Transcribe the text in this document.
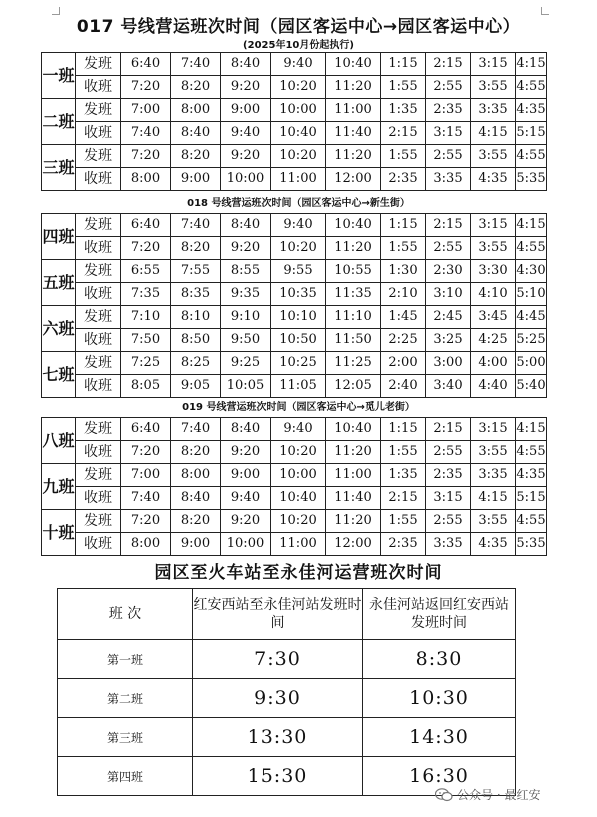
017 号线营运班次时间（园区客运中心→园区客运中心）
(2025年10月份起执行)
一班	发班	6:40	7:40	8:40	9:40	10:40	1:15	2:15	3:15	4:15
	收班	7:20	8:20	9:20	10:20	11:20	1:55	2:55	3:55	4:55
二班	发班	7:00	8:00	9:00	10:00	11:00	1:35	2:35	3:35	4:35
	收班	7:40	8:40	9:40	10:40	11:40	2:15	3:15	4:15	5:15
三班	发班	7:20	8:20	9:20	10:20	11:20	1:55	2:55	3:55	4:55
	收班	8:00	9:00	10:00	11:00	12:00	2:35	3:35	4:35	5:35
018 号线营运班次时间（园区客运中心→新生街）
四班	发班	6:40	7:40	8:40	9:40	10:40	1:15	2:15	3:15	4:15
	收班	7:20	8:20	9:20	10:20	11:20	1:55	2:55	3:55	4:55
五班	发班	6:55	7:55	8:55	9:55	10:55	1:30	2:30	3:30	4:30
	收班	7:35	8:35	9:35	10:35	11:35	2:10	3:10	4:10	5:10
六班	发班	7:10	8:10	9:10	10:10	11:10	1:45	2:45	3:45	4:45
	收班	7:50	8:50	9:50	10:50	11:50	2:25	3:25	4:25	5:25
七班	发班	7:25	8:25	9:25	10:25	11:25	2:00	3:00	4:00	5:00
	收班	8:05	9:05	10:05	11:05	12:05	2:40	3:40	4:40	5:40
019 号线营运班次时间（园区客运中心→觅儿老街）
八班	发班	6:40	7:40	8:40	9:40	10:40	1:15	2:15	3:15	4:15
	收班	7:20	8:20	9:20	10:20	11:20	1:55	2:55	3:55	4:55
九班	发班	7:00	8:00	9:00	10:00	11:00	1:35	2:35	3:35	4:35
	收班	7:40	8:40	9:40	10:40	11:40	2:15	3:15	4:15	5:15
十班	发班	7:20	8:20	9:20	10:20	11:20	1:55	2:55	3:55	4:55
	收班	8:00	9:00	10:00	11:00	12:00	2:35	3:35	4:35	5:35
园区至火车站至永佳河运营班次时间
班 次	红安西站至永佳河站发班时间	永佳河站返回红安西站发班时间
第一班	7:30	8:30
第二班	9:30	10:30
第三班	13:30	14:30
第四班	15:30	16:30
公众号 · 最红安
